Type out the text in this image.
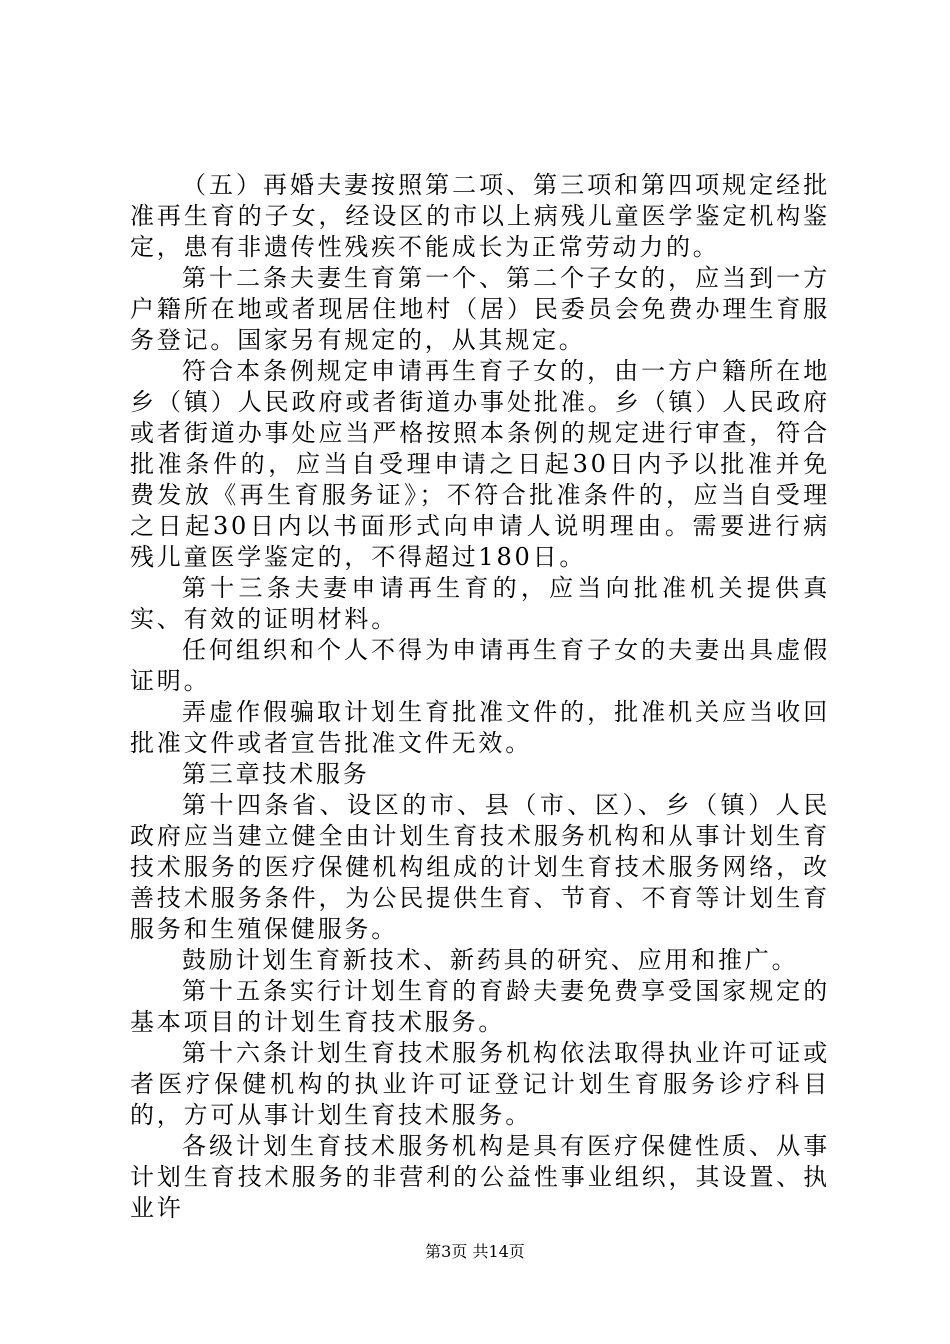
（五）再婚夫妻按照第二项、第三项和第四项规定经批准再生育的子女，经设区的市以上病残儿童医学鉴定机构鉴定，患有非遗传性残疾不能成长为正常劳动力的。

第十二条夫妻生育第一个、第二个子女的，应当到一方户籍所在地或者现居住地村（居）民委员会免费办理生育服务登记。国家另有规定的，从其规定。

符合本条例规定申请再生育子女的，由一方户籍所在地乡（镇）人民政府或者街道办事处批准。乡（镇）人民政府或者街道办事处应当严格按照本条例的规定进行审查，符合批准条件的，应当自受理申请之日起30日内予以批准并免费发放《再生育服务证》；不符合批准条件的，应当自受理之日起30日内以书面形式向申请人说明理由。需要进行病残儿童医学鉴定的，不得超过180日。

第十三条夫妻申请再生育的，应当向批准机关提供真实、有效的证明材料。

任何组织和个人不得为申请再生育子女的夫妻出具虚假证明。

弄虚作假骗取计划生育批准文件的，批准机关应当收回批准文件或者宣告批准文件无效。

第三章技术服务

第十四条省、设区的市、县（市、区）、乡（镇）人民政府应当建立健全由计划生育技术服务机构和从事计划生育技术服务的医疗保健机构组成的计划生育技术服务网络，改善技术服务条件，为公民提供生育、节育、不育等计划生育服务和生殖保健服务。

鼓励计划生育新技术、新药具的研究、应用和推广。

第十五条实行计划生育的育龄夫妻免费享受国家规定的基本项目的计划生育技术服务。

第十六条计划生育技术服务机构依法取得执业许可证或者医疗保健机构的执业许可证登记计划生育服务诊疗科目的，方可从事计划生育技术服务。

各级计划生育技术服务机构是具有医疗保健性质、从事计划生育技术服务的非营利的公益性事业组织，其设置、执业许

第3页 共14页
